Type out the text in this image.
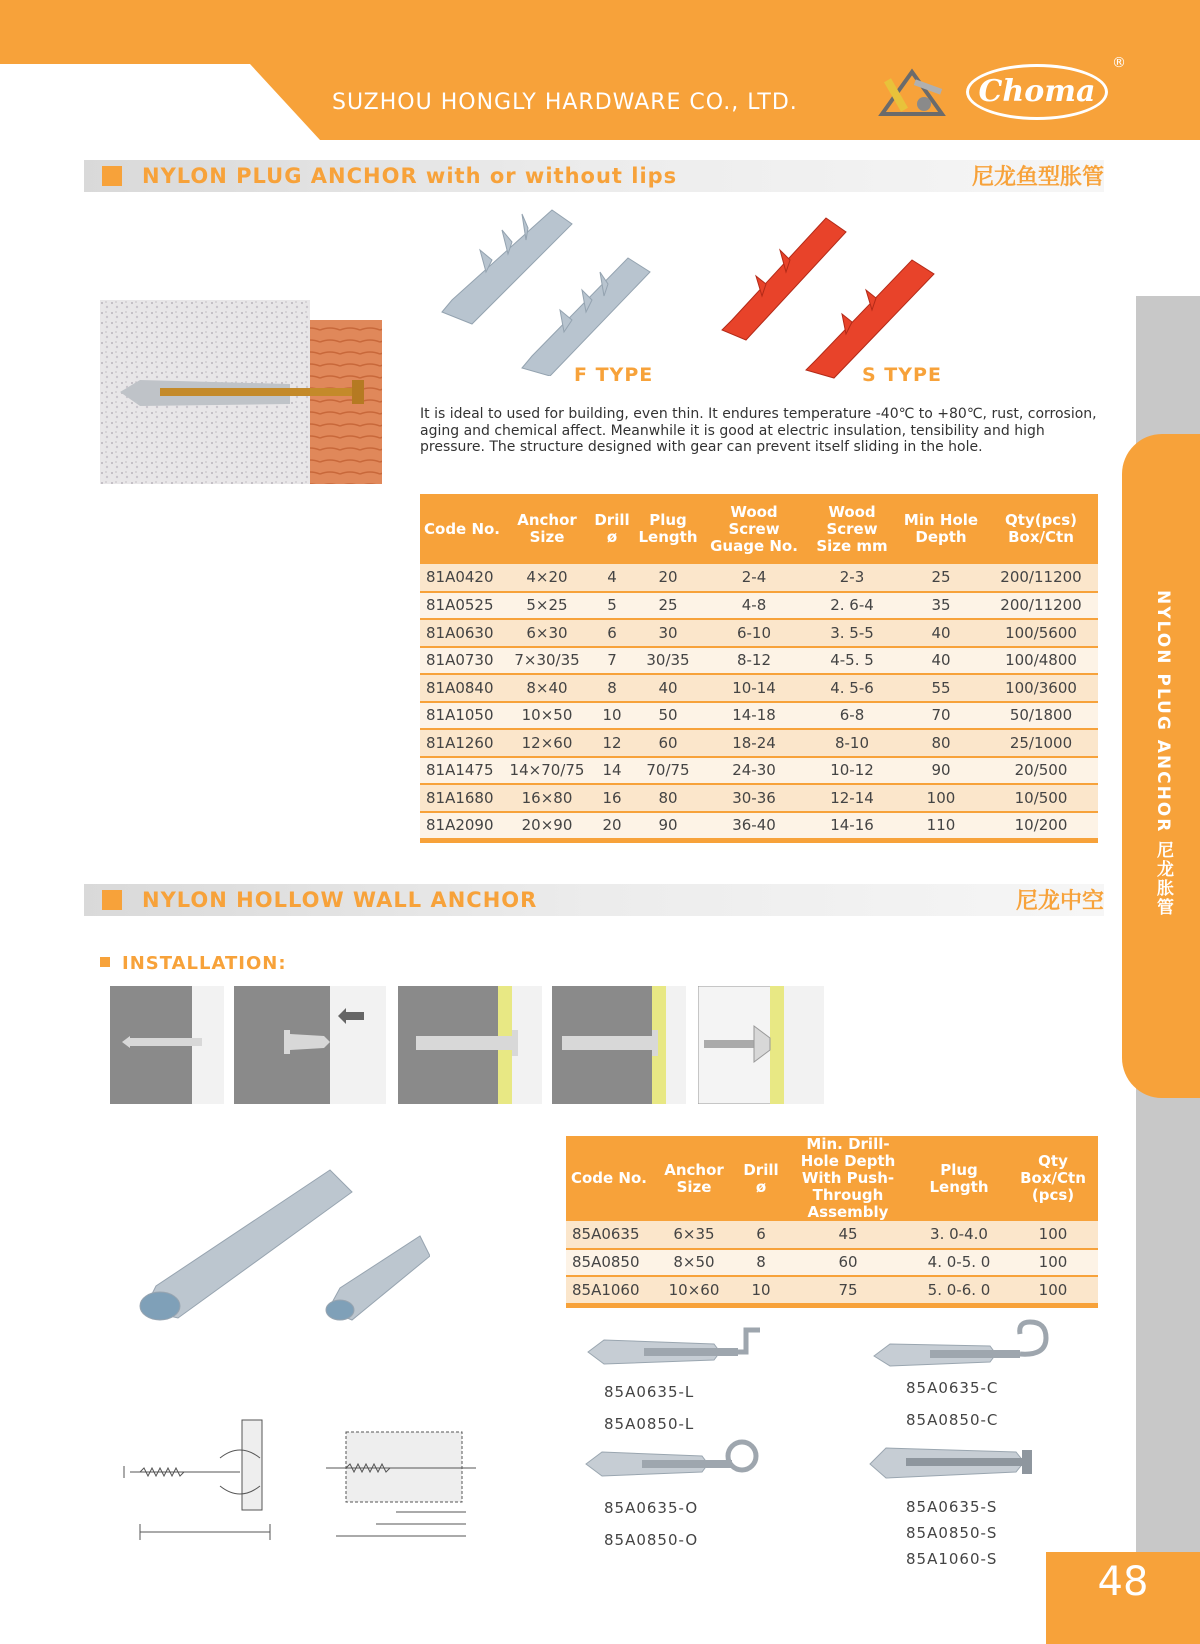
SUZHOU HONGLY HARDWARE CO., LTD.	Choma
®
NYLON PLUG ANCHOR 尼龙胀管
NYLON PLUG ANCHOR with or without lips	尼龙鱼型胀管
F TYPE	S TYPE
It is ideal to used for building, even thin. It endures temperature -40℃ to +80℃, rust, corrosion, aging and chemical affect. Meanwhile it is good at electric insulation, tensibility and high pressure. The structure designed with gear can prevent itself sliding in the hole.
Code No.	Anchor Size	Drill ø	Plug Length	Wood Screw Guage No.	Wood Screw Size mm	Min Hole Depth	Qty(pcs) Box/Ctn
81A0420	4×20	4	20	2-4	2-3	25	200/11200
81A0525	5×25	5	25	4-8	2. 6-4	35	200/11200
81A0630	6×30	6	30	6-10	3. 5-5	40	100/5600
81A0730	7×30/35	7	30/35	8-12	4-5. 5	40	100/4800
81A0840	8×40	8	40	10-14	4. 5-6	55	100/3600
81A1050	10×50	10	50	14-18	6-8	70	50/1800
81A1260	12×60	12	60	18-24	8-10	80	25/1000
81A1475	14×70/75	14	70/75	24-30	10-12	90	20/500
81A1680	16×80	16	80	30-36	12-14	100	10/500
81A2090	20×90	20	90	36-40	14-16	110	10/200

NYLON HOLLOW WALL ANCHOR	尼龙中空
INSTALLATION:
Code No.	Anchor Size	Drill ø	Min. Drill-Hole Depth With Push-Through Assembly	Plug Length	Qty Box/Ctn (pcs)
85A0635	6×35	6	45	3. 0-4.0	100
85A0850	8×50	8	60	4. 0-5. 0	100
85A1060	10×60	10	75	5. 0-6. 0	100

85A0635-L
85A0850-L
85A0635-C
85A0850-C
85A0635-O
85A0850-O
85A0635-S
85A0850-S
85A1060-S	48
